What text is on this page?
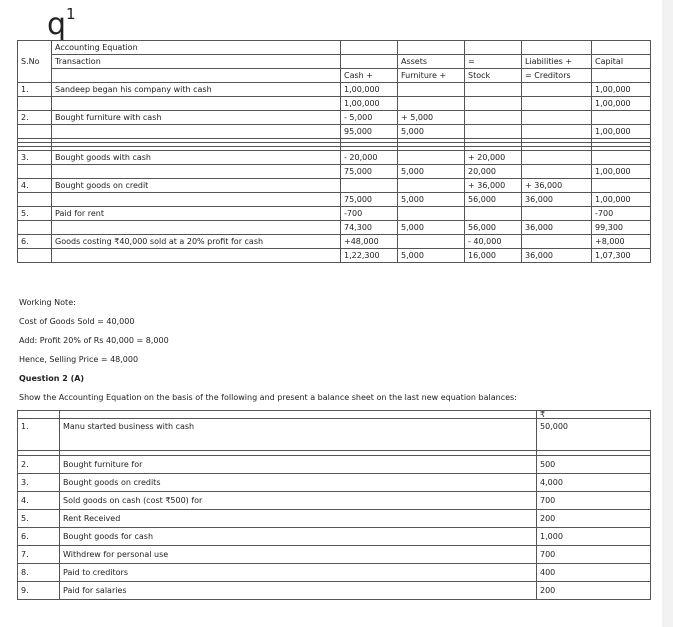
$q^1$
S.No	Accounting Equation					
	Transaction		Assets	=	Liabilities +	Capital
		Cash +	Furniture +	Stock	= Creditors	
1.	Sandeep began his company with cash	1,00,000				1,00,000
		1,00,000				1,00,000
2.	Bought furniture with cash	- 5,000	+ 5,000			
		95,000	5,000			1,00,000

3.	Bought goods with cash	- 20,000		+ 20,000		
		75,000	5,000	20,000		1,00,000
4.	Bought goods on credit			+ 36,000	+ 36,000	
		75,000	5,000	56,000	36,000	1,00,000
5.	Paid for rent	-700				-700
		74,300	5,000	56,000	36,000	99,300
6.	Goods costing ₹40,000 sold at a 20% profit for cash	+48,000		- 40,000		+8,000
		1,22,300	5,000	16,000	36,000	1,07,300
Working Note:
Cost of Goods Sold = 40,000
Add: Profit 20% of Rs 40,000 = 8,000
Hence, Selling Price = 48,000
Question 2 (A)
Show the Accounting Equation on the basis of the following and present a balance sheet on the last new equation balances:
		₹
1.	Manu started business with cash	50,000

2.	Bought furniture for	500
3.	Bought goods on credits	4,000
4.	Sold goods on cash (cost ₹500) for	700
5.	Rent Received	200
6.	Bought goods for cash	1,000
7.	Withdrew for personal use	700
8.	Paid to creditors	400
9.	Paid for salaries	200
